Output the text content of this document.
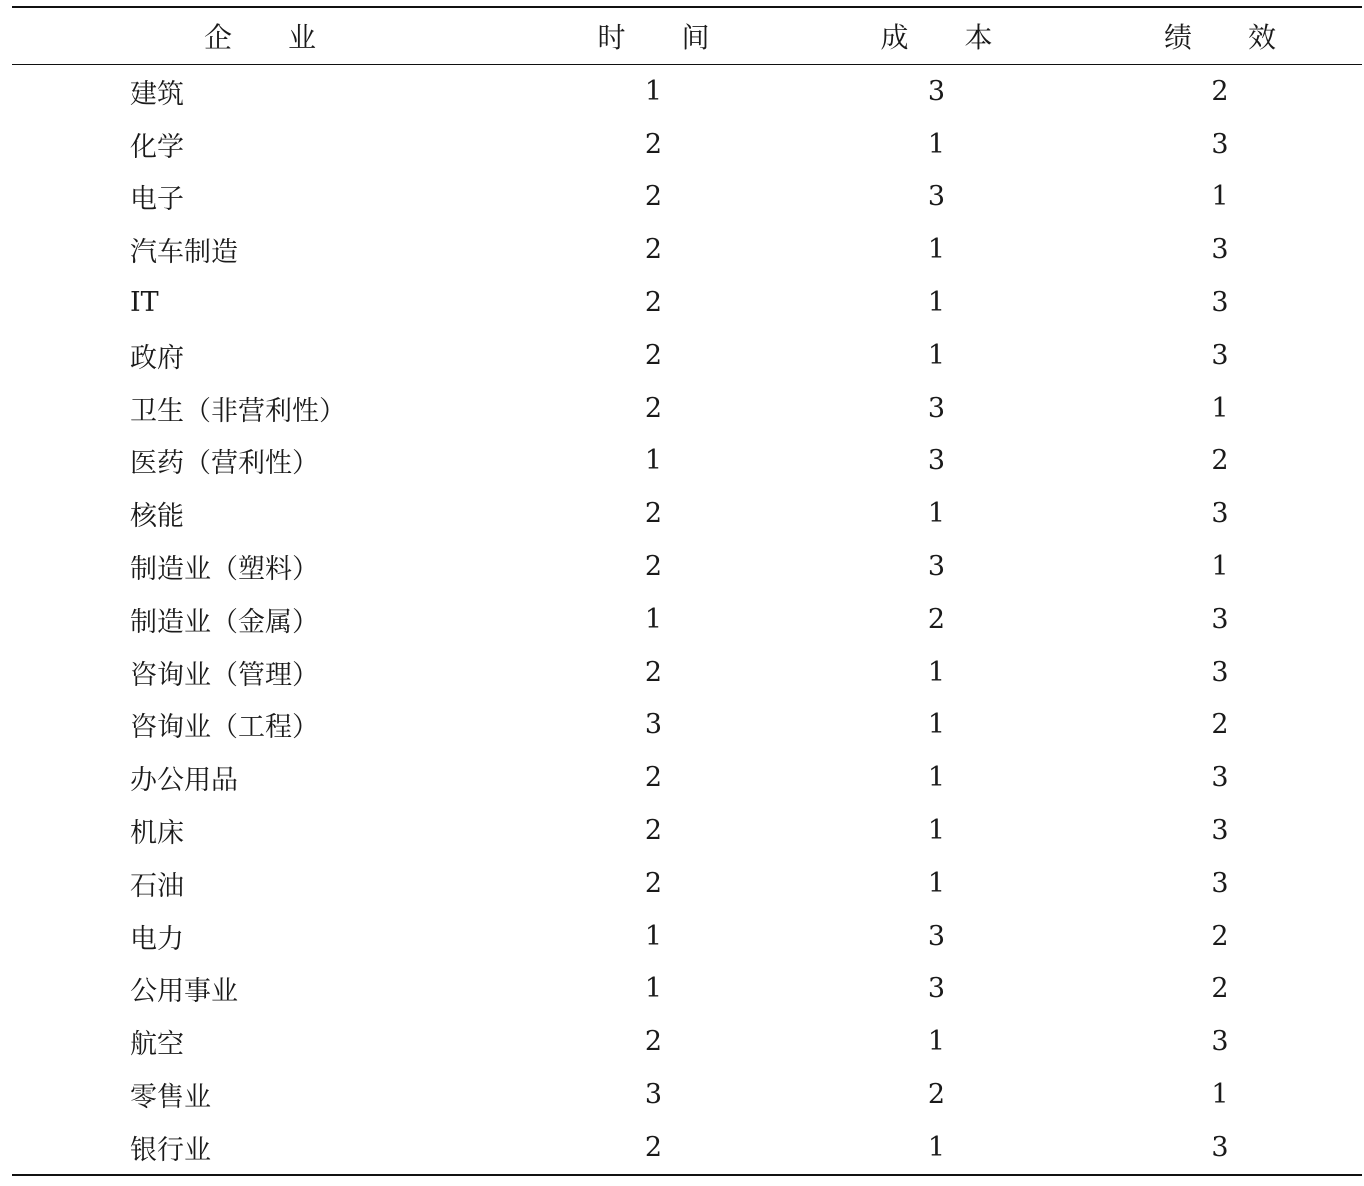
企　　业	时　　间	成　　本	绩　　效
建筑	1	3	2
化学	2	1	3
电子	2	3	1
汽车制造	2	1	3
IT	2	1	3
政府	2	1	3
卫生（非营利性）	2	3	1
医药（营利性）	1	3	2
核能	2	1	3
制造业（塑料）	2	3	1
制造业（金属）	1	2	3
咨询业（管理）	2	1	3
咨询业（工程）	3	1	2
办公用品	2	1	3
机床	2	1	3
石油	2	1	3
电力	1	3	2
公用事业	1	3	2
航空	2	1	3
零售业	3	2	1
银行业	2	1	3
